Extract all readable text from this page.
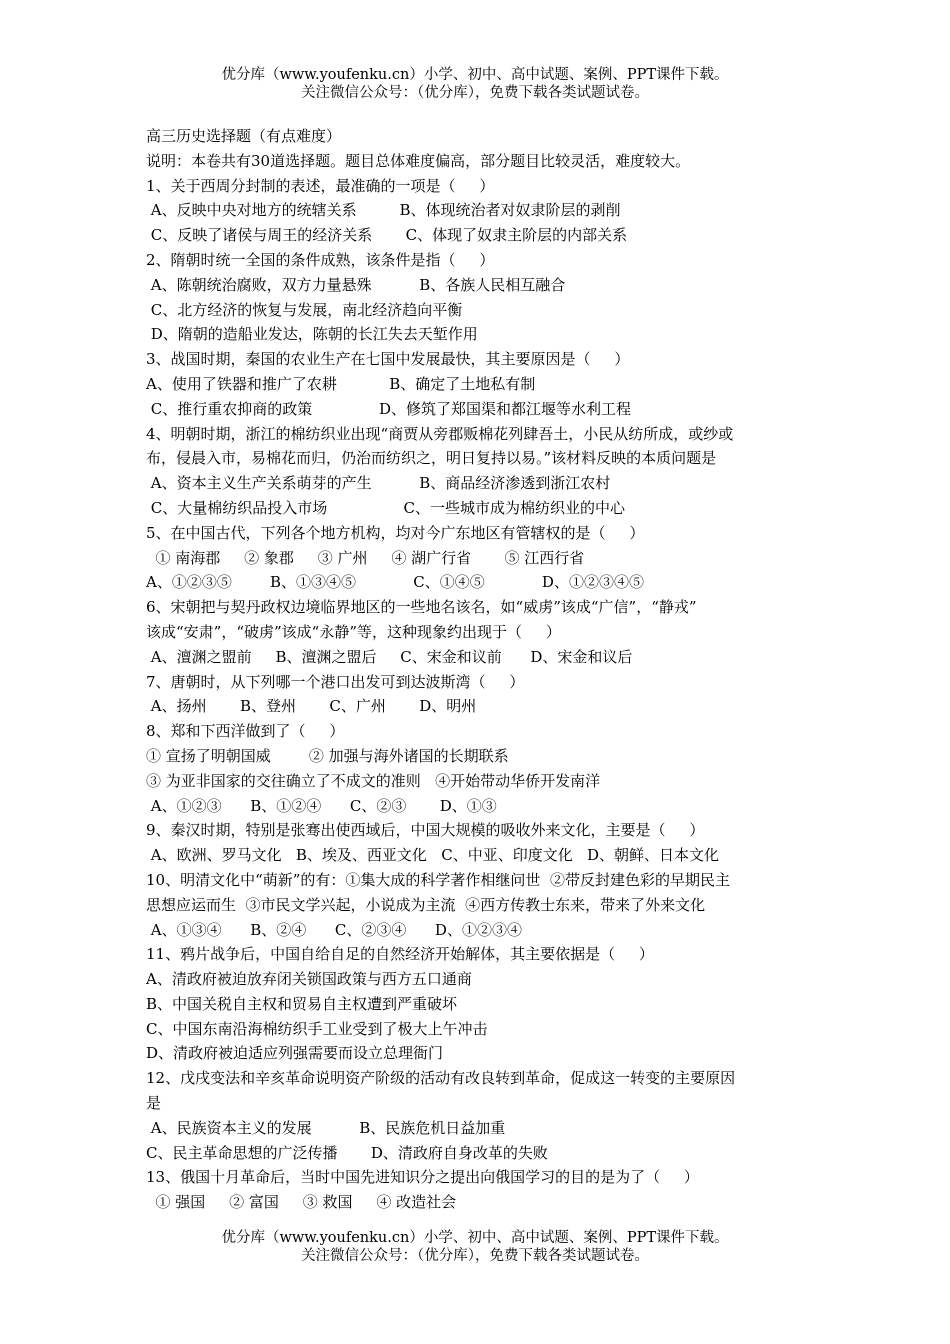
优分库（www.youfenku.cn）小学、初中、高中试题、案例、PPT课件下载。
关注微信公众号：（优分库），免费下载各类试题试卷。
高三历史选择题（有点难度）
说明：本卷共有30道选择题。题目总体难度偏高，部分题目比较灵活，难度较大。
1、关于西周分封制的表述，最准确的一项是（     ）
A、反映中央对地方的统辖关系         B、体现统治者对奴隶阶层的剥削
C、反映了诸侯与周王的经济关系       C、体现了奴隶主阶层的内部关系
2、隋朝时统一全国的条件成熟，该条件是指（     ）
A、陈朝统治腐败，双方力量悬殊          B、各族人民相互融合
C、北方经济的恢复与发展，南北经济趋向平衡
D、隋朝的造船业发达，陈朝的长江失去天堑作用
3、战国时期，秦国的农业生产在七国中发展最快，其主要原因是（     ）
A、使用了铁器和推广了农耕           B、确定了土地私有制
C、推行重农抑商的政策              D、修筑了郑国渠和都江堰等水利工程
4、明朝时期，浙江的棉纺织业出现“商贾从旁郡贩棉花列肆吾土，小民从纺所成，或纱或
布，侵晨入市，易棉花而归，仍治而纺织之，明日复持以易。”该材料反映的本质问题是
A、资本主义生产关系萌芽的产生          B、商品经济渗透到浙江农村
C、大量棉纺织品投入市场                C、一些城市成为棉纺织业的中心
5、在中国古代，下列各个地方机构，均对今广东地区有管辖权的是（     ）
① 南海郡     ② 象郡     ③ 广州     ④ 湖广行省       ⑤ 江西行省
A、①②③⑤        B、①③④⑤            C、①④⑤            D、①②③④⑤
6、宋朝把与契丹政权边境临界地区的一些地名该名，如“威虏”该成“广信”，“静戎”
该成“安肃”，“破虏”该成“永静”等，这种现象约出现于（     ）
A、澶渊之盟前     B、澶渊之盟后     C、宋金和议前      D、宋金和议后
7、唐朝时，从下列哪一个港口出发可到达波斯湾（     ）
A、扬州       B、登州       C、广州       D、明州
8、郑和下西洋做到了（     ）
① 宣扬了明朝国威        ② 加强与海外诸国的长期联系
③ 为亚非国家的交往确立了不成文的准则   ④开始带动华侨开发南洋
A、①②③      B、①②④      C、②③       D、①③
9、秦汉时期，特别是张骞出使西域后，中国大规模的吸收外来文化，主要是（     ）
A、欧洲、罗马文化   B、埃及、西亚文化   C、中亚、印度文化   D、朝鲜、日本文化
10、明清文化中“萌新”的有：①集大成的科学著作相继问世  ②带反封建色彩的早期民主
思想应运而生  ③市民文学兴起，小说成为主流  ④西方传教士东来，带来了外来文化
A、①③④      B、②④      C、②③④      D、①②③④
11、鸦片战争后，中国自给自足的自然经济开始解体，其主要依据是（     ）
A、清政府被迫放弃闭关锁国政策与西方五口通商
B、中国关税自主权和贸易自主权遭到严重破坏
C、中国东南沿海棉纺织手工业受到了极大上午冲击
D、清政府被迫适应列强需要而设立总理衙门
12、戊戌变法和辛亥革命说明资产阶级的活动有改良转到革命，促成这一转变的主要原因
是
A、民族资本主义的发展          B、民族危机日益加重
C、民主革命思想的广泛传播       D、清政府自身改革的失败
13、俄国十月革命后，当时中国先进知识分之提出向俄国学习的目的是为了（     ）
① 强国     ② 富国     ③ 救国     ④ 改造社会
优分库（www.youfenku.cn）小学、初中、高中试题、案例、PPT课件下载。
关注微信公众号：（优分库），免费下载各类试题试卷。
